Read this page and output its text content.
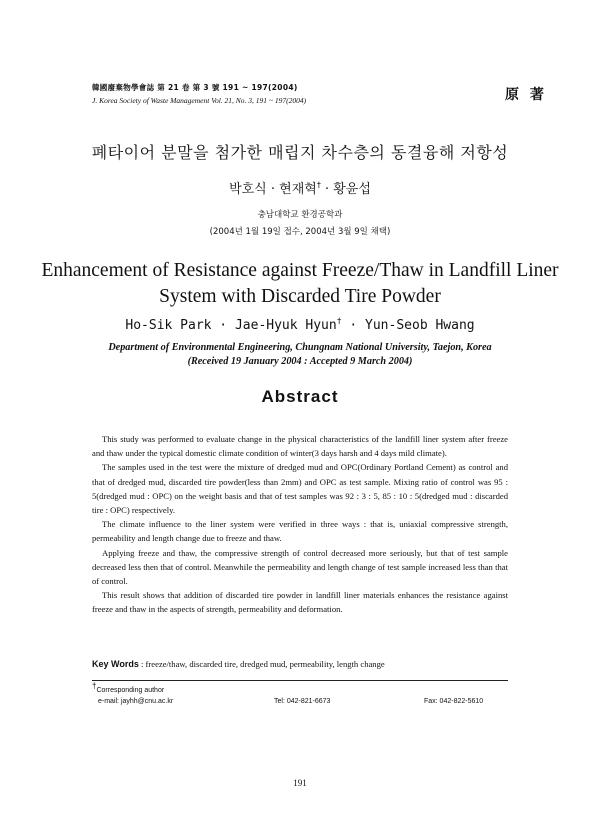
韓國廢棄物學會誌 第 21 卷 第 3 號 191 ~ 197(2004)
J. Korea Society of Waste Management Vol. 21, No. 3, 191 ~ 197(2004)	原 著
폐타이어 분말을 첨가한 매립지 차수층의 동결융해 저항성
박호식 · 현재혁† · 황윤섭
충남대학교 환경공학과
(2004년 1월 19일 접수, 2004년 3월 9일 채택)
Enhancement of Resistance against Freeze/Thaw in Landfill Liner
System with Discarded Tire Powder
Ho-Sik Park · Jae-Hyuk Hyun† · Yun-Seob Hwang
Department of Environmental Engineering, Chungnam National University, Taejon, Korea
(Received 19 January 2004 : Accepted 9 March 2004)
Abstract

This study was performed to evaluate change in the physical characteristics of the landfill liner system after freeze and thaw under the typical domestic climate condition of winter(3 days harsh and 4 days mild climate).

The samples used in the test were the mixture of dredged mud and OPC(Ordinary Portland Cement) as control and that of dredged mud, discarded tire powder(less than 2mm) and OPC as test sample. Mixing ratio of control was 95 : 5(dredged mud : OPC) on the weight basis and that of test samples was 92 : 3 : 5, 85 : 10 : 5(dredged mud : discarded tire : OPC) respectively.

The climate influence to the liner system were verified in three ways : that is, uniaxial compressive strength, permeability and length change due to freeze and thaw.

Applying freeze and thaw, the compressive strength of control decreased more seriously, but that of test sample decreased less then that of control. Meanwhile the permeability and length change of test sample increased less than that of control.

This result shows that addition of discarded tire powder in landfill liner materials enhances the resistance against freeze and thaw in the aspects of strength, permeability and deformation.

Key Words : freeze/thaw, discarded tire, dredged mud, permeability, length change
†Corresponding author
e-mail: jayhh@cnu.ac.kr	Tel: 042-821-6673	Fax: 042-822-5610
191
